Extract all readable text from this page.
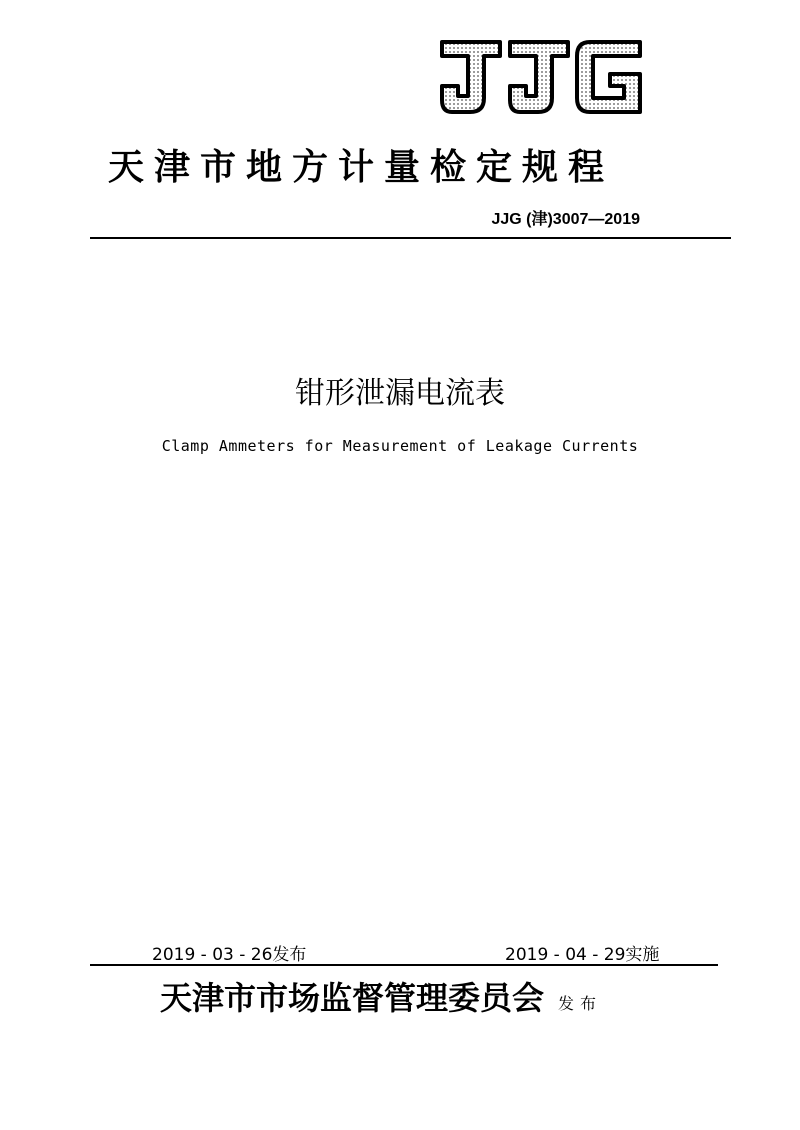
天津市地方计量检定规程
JJG (津)3007—2019
钳形泄漏电流表
Clamp Ammeters for Measurement of Leakage Currents
2019 - 03 - 26发布	2019 - 04 - 29实施
天津市市场监督管理委员会 发布
